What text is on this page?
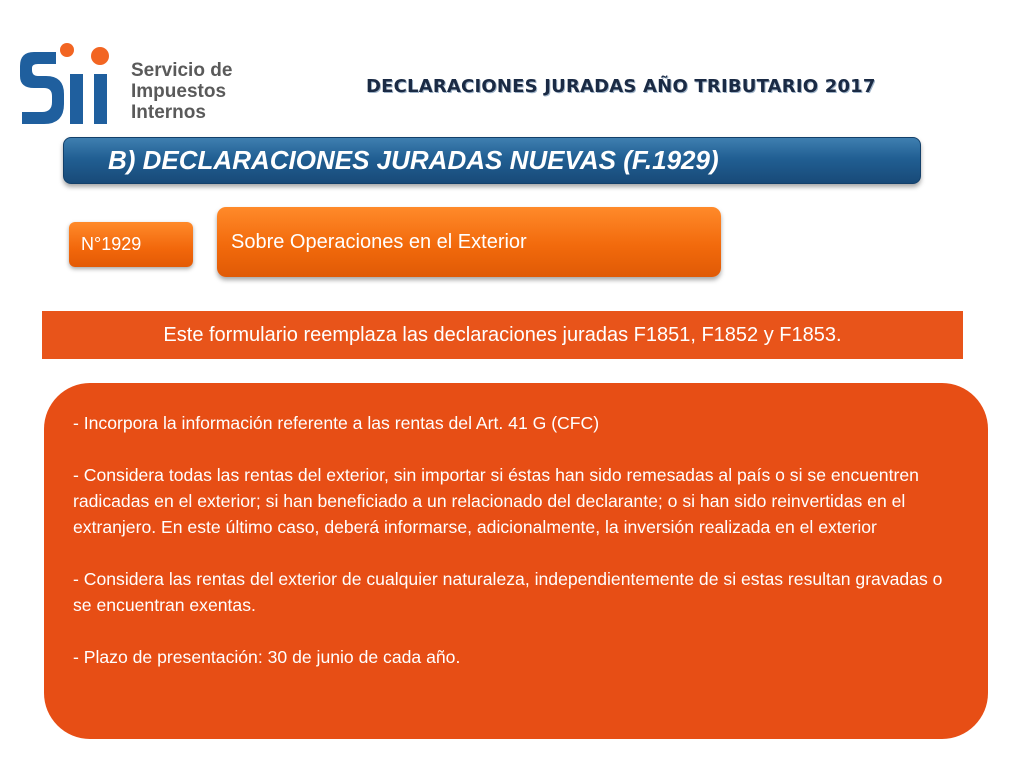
Servicio de
Impuestos
Internos
DECLARACIONES JURADAS AÑO TRIBUTARIO 2017
B) DECLARACIONES JURADAS NUEVAS (F.1929)
N°1929	Sobre Operaciones en el Exterior
Este formulario reemplaza las declaraciones juradas F1851, F1852 y F1853.

- Incorpora la información referente a las rentas del Art. 41 G (CFC)

- Considera todas las rentas del exterior, sin importar si éstas han sido remesadas al país o si se encuentren radicadas en el exterior; si han beneficiado a un relacionado del declarante; o si han sido reinvertidas en el extranjero. En este último caso, deberá informarse, adicionalmente, la inversión realizada en el exterior

- Considera las rentas del exterior de cualquier naturaleza, independientemente de si estas resultan gravadas o se encuentran exentas.

- Plazo de presentación: 30 de junio de cada año.
